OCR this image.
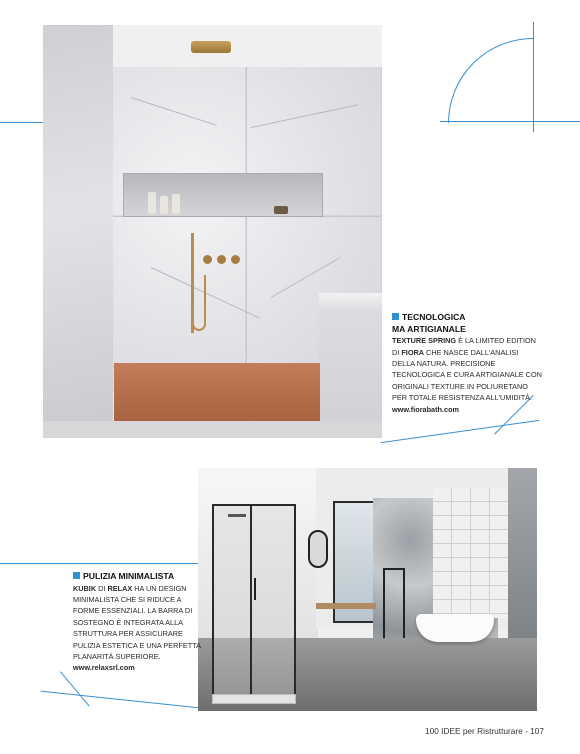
TECNOLOGICA
MA ARTIGIANALE
TEXTURE SPRING È LA LIMITED EDITION DI FIORA CHE NASCE DALL'ANALISI DELLA NATURA. PRECISIONE TECNOLOGICA E CURA ARTIGIANALE CON ORIGINALI TEXTURE IN POLIURETANO PER TOTALE RESISTENZA ALL'UMIDITÀ.
www.fiorabath.com
PULIZIA MINIMALISTA
KUBIK DI RELAX HA UN DESIGN MINIMALISTA CHE SI RIDUCE A FORME ESSENZIALI. LA BARRA DI SOSTEGNO È INTEGRATA ALLA STRUTTURA PER ASSICURARE PULIZIA ESTETICA E UNA PERFETTA PLANARITÀ SUPERIORE.
www.relaxsrl.com
100 IDEE per Ristrutturare - 107
